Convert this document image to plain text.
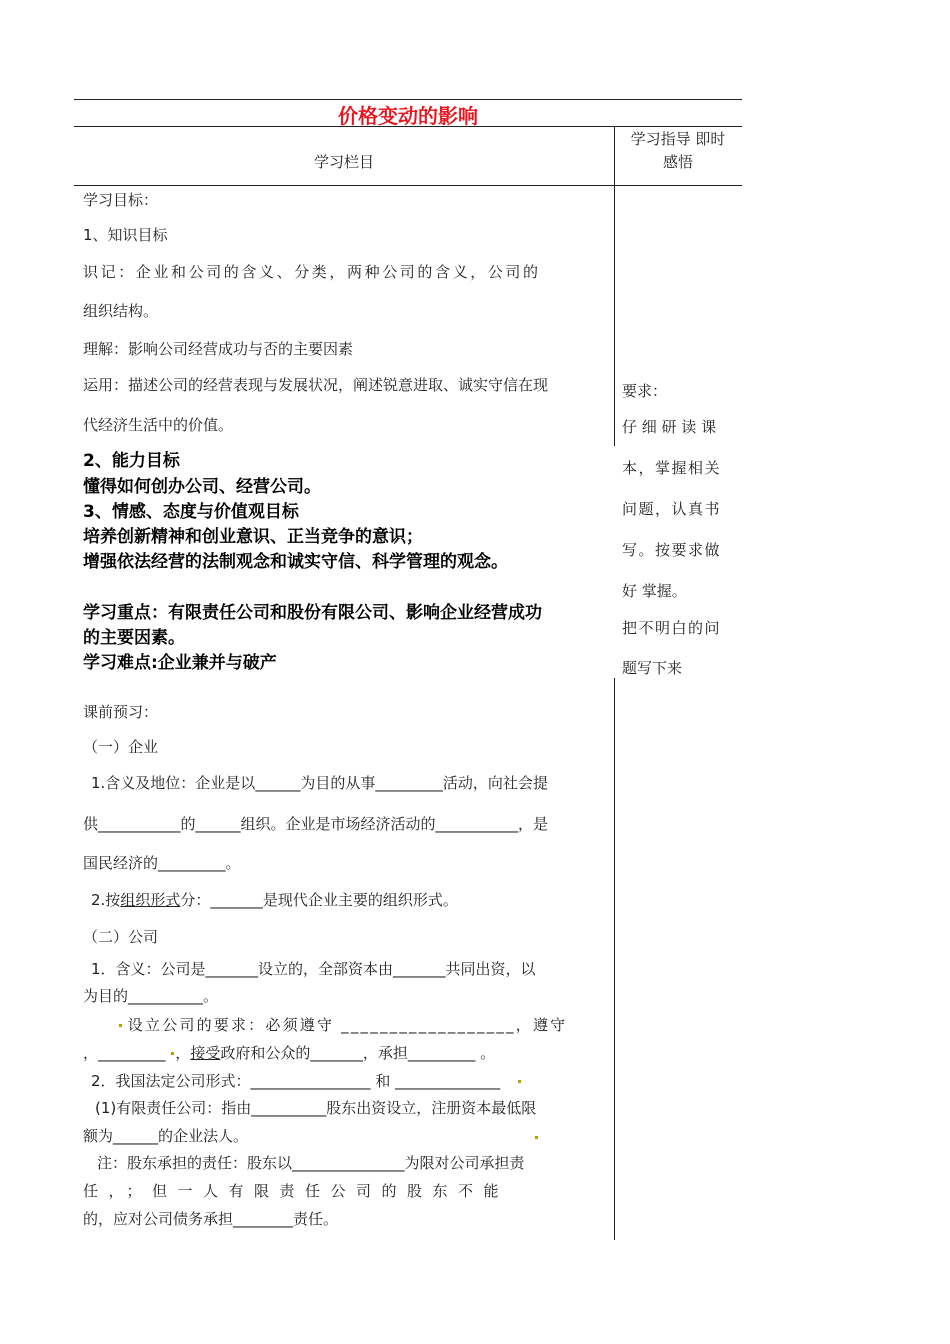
价格变动的影响
学习栏目
学习指导 即时
感悟
学习目标：
1、知识目标
识记：企业和公司的含义、分类，两种公司的含义，公司的
组织结构。
理解：影响公司经营成功与否的主要因素
运用：描述公司的经营表现与发展状况，阐述锐意进取、诚实守信在现
代经济生活中的价值。
2、能力目标
懂得如何创办公司、经营公司。
3、情感、态度与价值观目标
培养创新精神和创业意识、正当竞争的意识；
增强依法经营的法制观念和诚实守信、科学管理的观念。
学习重点：有限责任公司和股份有限公司、影响企业经营成功
的主要因素。
学习难点:企业兼并与破产
课前预习：
（一）企业
1.含义及地位：企业是以______为目的从事_________活动，向社会提
供___________的______组织。企业是市场经济活动的___________，是
国民经济的_________。
2.按组织形式分：_______是现代企业主要的组织形式。
（二）公司
1．含义：公司是_______设立的，全部资本由_______共同出资，以
为目的__________。
设立公司的要求：必须遵守 __________________，遵守
，_________ ，接受政府和公众的_______，承担_________ 。
2．我国法定公司形式：________________ 和 ______________
(1)有限责任公司：指由__________股东出资设立，注册资本最低限
额为______的企业法人。
注：股东承担的责任：股东以_______________为限对公司承担责
任，；但一人有限责任公司的股东不能
的，应对公司债务承担________责任。
要求：
仔 细 研 读 课
本，掌握相关
问题，认真书
写。按要求做
好 掌握。
把不明白的问
题写下来
